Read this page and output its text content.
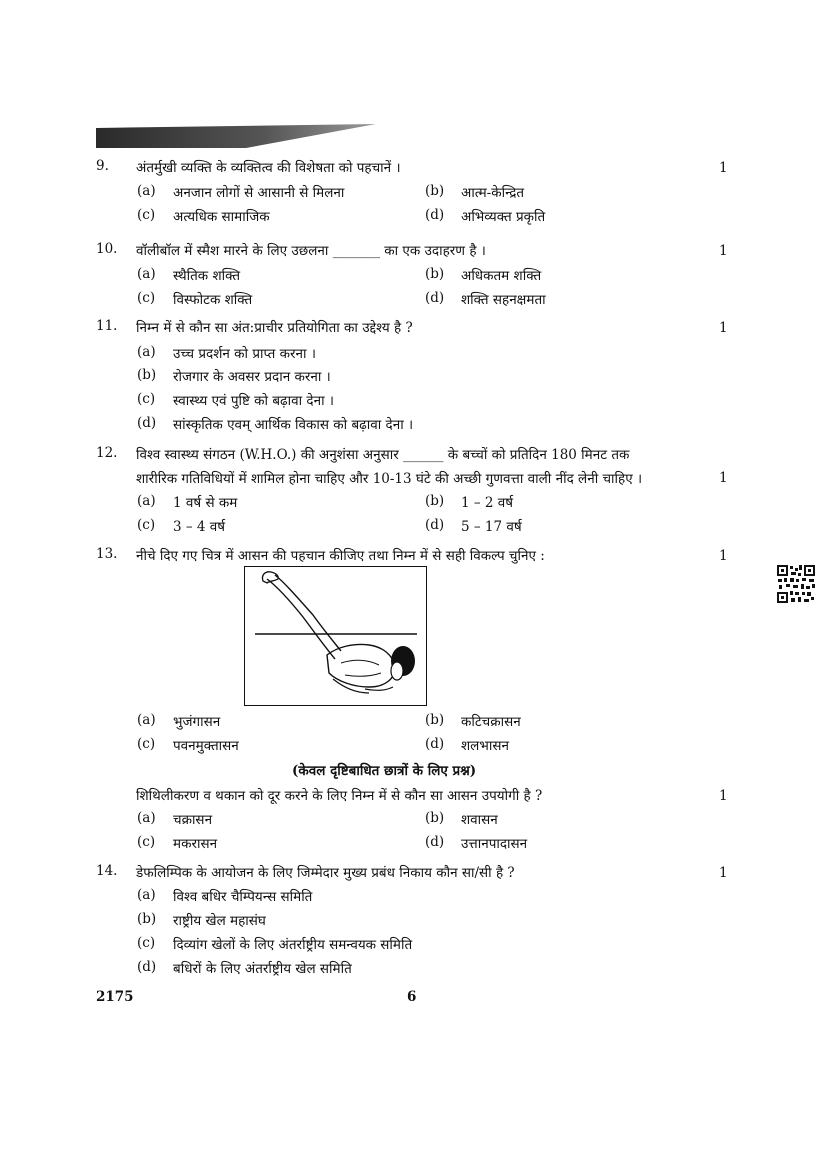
9. अंतर्मुखी व्यक्ति के व्यक्तित्व की विशेषता को पहचानें ।	1
(a) अनजान लोगों से आसानी से मिलना	(b) आत्म-केन्द्रित
(c) अत्यधिक सामाजिक	(d) अभिव्यक्त प्रकृति
10. वॉलीबॉल में स्मैश मारने के लिए उछलना _______ का एक उदाहरण है ।	1
(a) स्थैतिक शक्ति	(b) अधिकतम शक्ति
(c) विस्फोटक शक्ति	(d) शक्ति सहनक्षमता
11. निम्न में से कौन सा अंत:प्राचीर प्रतियोगिता का उद्देश्य है ?	1
(a) उच्च प्रदर्शन को प्राप्त करना ।
(b) रोजगार के अवसर प्रदान करना ।
(c) स्वास्थ्य एवं पुष्टि को बढ़ावा देना ।
(d) सांस्कृतिक एवम् आर्थिक विकास को बढ़ावा देना ।
12. विश्व स्वास्थ्य संगठन (W.H.O.) की अनुशंसा अनुसार ______ के बच्चों को प्रतिदिन 180 मिनट तक
शारीरिक गतिविधियों में शामिल होना चाहिए और 10-13 घंटे की अच्छी गुणवत्ता वाली नींद लेनी चाहिए ।	1
(a) 1 वर्ष से कम	(b) 1 – 2 वर्ष
(c) 3 – 4 वर्ष	(d) 5 – 17 वर्ष
13. नीचे दिए गए चित्र में आसन की पहचान कीजिए तथा निम्न में से सही विकल्प चुनिए :	1
(a) भुजंगासन	(b) कटिचक्रासन
(c) पवनमुक्तासन	(d) शलभासन
(केवल दृष्टिबाधित छात्रों के लिए प्रश्न)
शिथिलीकरण व थकान को दूर करने के लिए निम्न में से कौन सा आसन उपयोगी है ?	1
(a) चक्रासन	(b) शवासन
(c) मकरासन	(d) उत्तानपादासन
14. डेफलिम्पिक के आयोजन के लिए जिम्मेदार मुख्य प्रबंध निकाय कौन सा/सी है ?	1
(a) विश्व बधिर चैम्पियन्स समिति
(b) राष्ट्रीय खेल महासंघ
(c) दिव्यांग खेलों के लिए अंतर्राष्ट्रीय समन्वयक समिति
(d) बधिरों के लिए अंतर्राष्ट्रीय खेल समिति
2175	6
